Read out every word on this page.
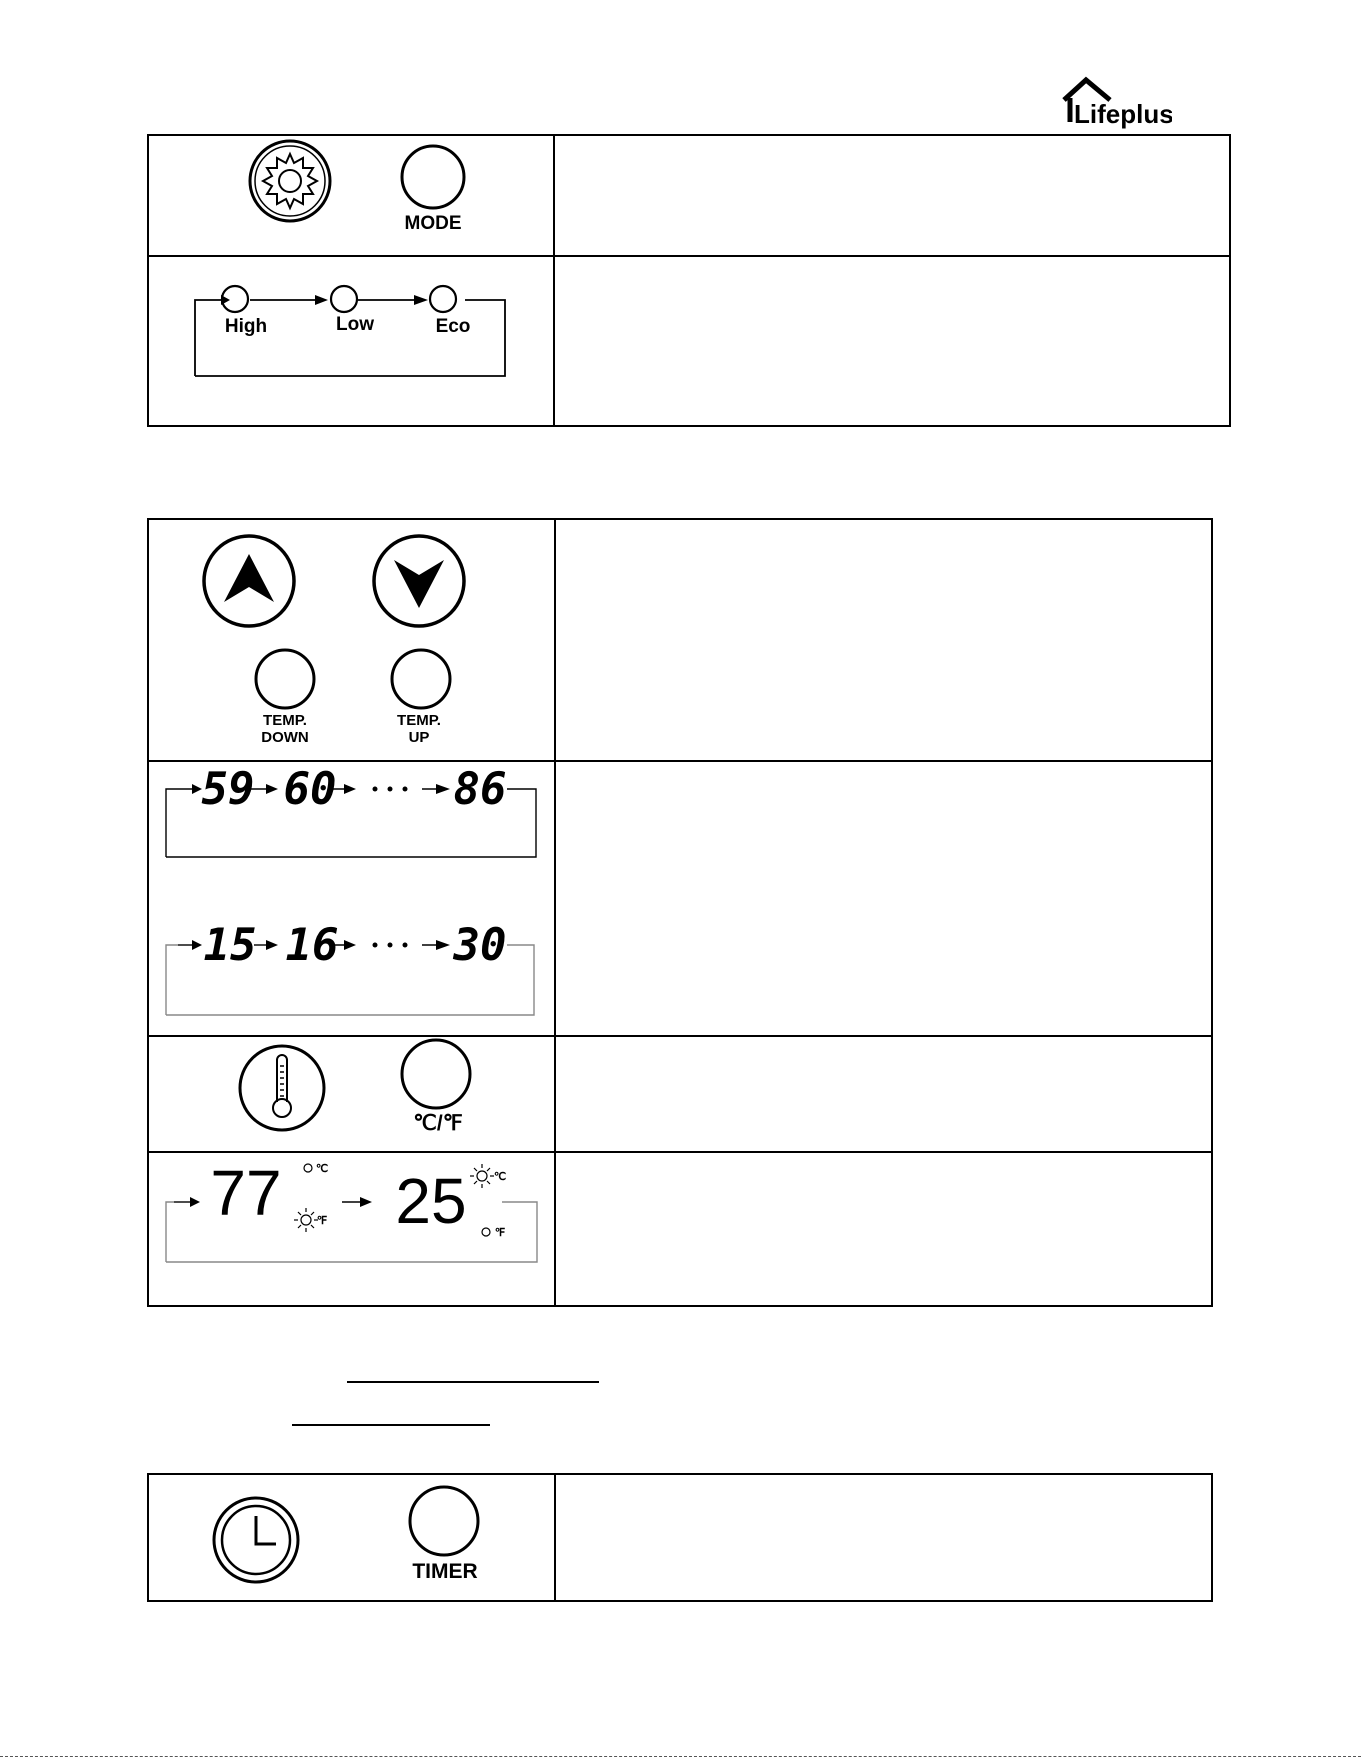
Lifeplus
MODE
High	Low	Eco
TEMP.
DOWN
TEMP.
UP
59 60	86
15 16	30
℃/℉
77 25
℃
℉
℃
℉
TIMER
